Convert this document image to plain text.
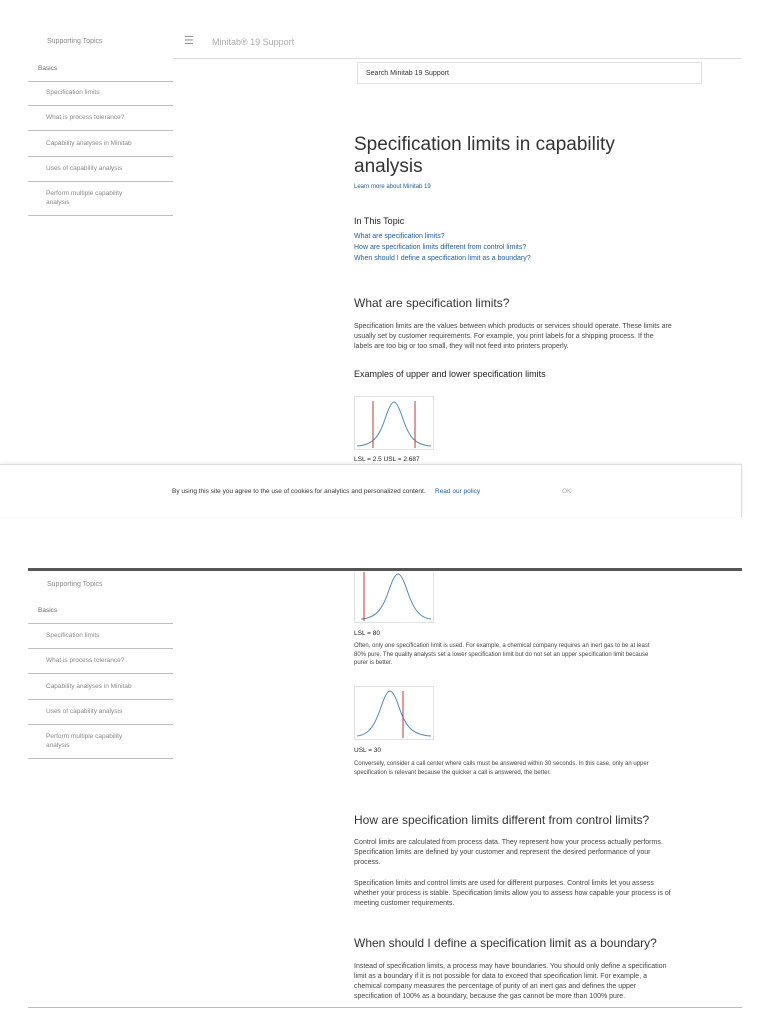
Supporting Topics	☰ Minitab® 19 Support
Search Minitab 19 Support
Basics
Specification limits
What is process tolerance?
Capability analyses in Minitab
Uses of capability analysis
Perform multiple capability analysis
Specification limits in capability
analysis
Learn more about Minitab 19
In This Topic
What are specification limits?
How are specification limits different from control limits?
When should I define a specification limit as a boundary?
What are specification limits?
Specification limits are the values between which products or services should operate. These limits are
usually set by customer requirements. For example, you print labels for a shipping process. If the
labels are too big or too small, they will not feed into printers properly.
Examples of upper and lower specification limits
LSL = 2.5 USL = 2.687
By using this site you agree to the use of cookies for analytics and personalized content. Read our policy	OK
Supporting Topics
Basics
Specification limits
What is process tolerance?
Capability analyses in Minitab
Uses of capability analysis
Perform multiple capability analysis
LSL = 80
Often, only one specification limit is used. For example, a chemical company requires an inert gas to be at least
80% pure. The quality analysts set a lower specification limit but do not set an upper specification limit because
purer is better.
USL = 30
Conversely, consider a call center where calls must be answered within 30 seconds. In this case, only an upper
specification is relevant because the quicker a call is answered, the better.
How are specification limits different from control limits?
Control limits are calculated from process data. They represent how your process actually performs.
Specification limits are defined by your customer and represent the desired performance of your
process.
Specification limits and control limits are used for different purposes. Control limits let you assess
whether your process is stable. Specification limits allow you to assess how capable your process is of
meeting customer requirements.
When should I define a specification limit as a boundary?
Instead of specification limits, a process may have boundaries. You should only define a specification
limit as a boundary if it is not possible for data to exceed that specification limit. For example, a
chemical company measures the percentage of purity of an inert gas and defines the upper
specification of 100% as a boundary, because the gas cannot be more than 100% pure.
